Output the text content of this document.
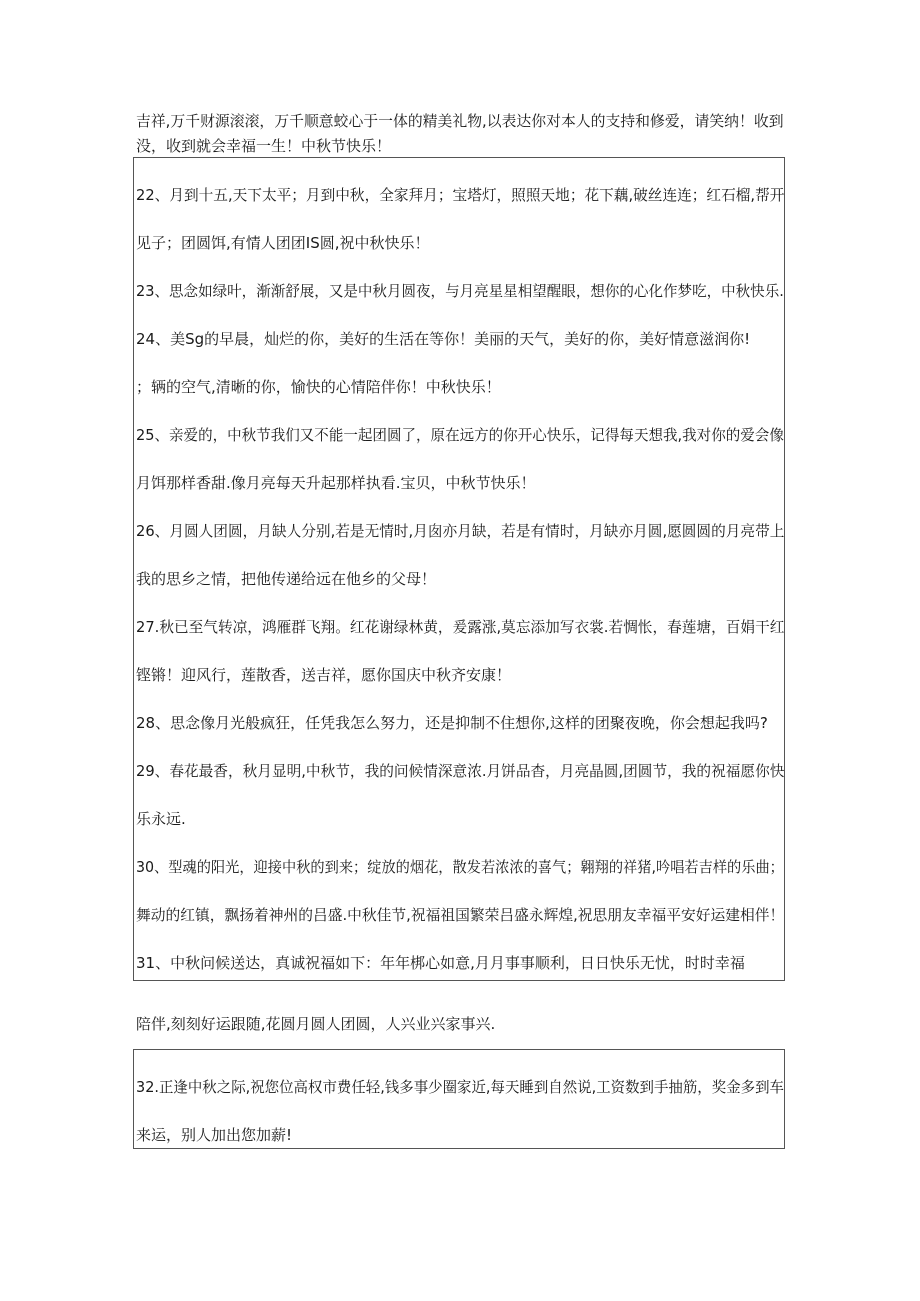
吉祥,万千财源滚滚，万千顺意蛟心于一体的精美礼物,以表达你对本人的支持和修爱，请笑纳！收到
没，收到就会幸福一生！中秋节快乐！
22、月到十五,天下太平；月到中秋，全家拜月；宝塔灯，照照天地；花下藕,破丝连连；红石榴,帮开
见子；团圆饵,有情人团团IS圆,祝中秋快乐！
23、思念如绿叶，渐渐舒展，又是中秋月圆夜，与月亮星星相望醒眼，想你的心化作梦吃，中秋快乐.
24、美Sg的早晨，灿烂的你，美好的生活在等你！美丽的天气，美好的你，美好情意滋润你!
；辆的空气,清晰的你，愉快的心情陪伴你！中秋快乐！
25、亲爱的，中秋节我们又不能一起团圆了，原在远方的你开心快乐，记得每天想我,我对你的爱会像
月饵那样香甜.像月亮每天升起那样执看.宝贝，中秋节快乐！
26、月圆人团圆，月缺人分别,若是无情时,月囱亦月缺，若是有情时，月缺亦月圆,愿圆圆的月亮带上
我的思乡之情，把他传递给远在他乡的父母！
27.秋已至气转凉，鸿雁群飞翔。红花谢绿林黄，爰露涨,莫忘添加写衣裳.若惆怅，春莲塘，百娟干红
铿锵！迎风行，莲散香，送吉祥，愿你国庆中秋齐安康！
28、思念像月光般疯狂，任凭我怎么努力，还是抑制不住想你,这样的团聚夜晚，你会想起我吗?
29、春花最香，秋月显明,中秋节，我的问候情深意浓.月饼品杳，月亮晶圆,团圆节，我的祝福愿你快
乐永远.
30、型魂的阳光，迎接中秋的到来；绽放的烟花，散发若浓浓的喜气；翱翔的祥猪,吟唱若吉样的乐曲；
舞动的红镇，飘扬着神州的吕盛.中秋佳节,祝福祖国繁荣吕盛永辉煌,祝思朋友幸福平安好运建相伴！
31、中秋问候送达，真诚祝福如下：年年梆心如意,月月事事顺利，日日快乐无忧，时时幸福
陪伴,刻刻好运跟随,花圆月圆人团圆，人兴业兴家事兴.
32.正逢中秋之际,祝您位高权市费任轻,钱多事少圈家近,每天睡到自然说,工资数到手抽筋，奖金多到车
来运，别人加出您加薪!
